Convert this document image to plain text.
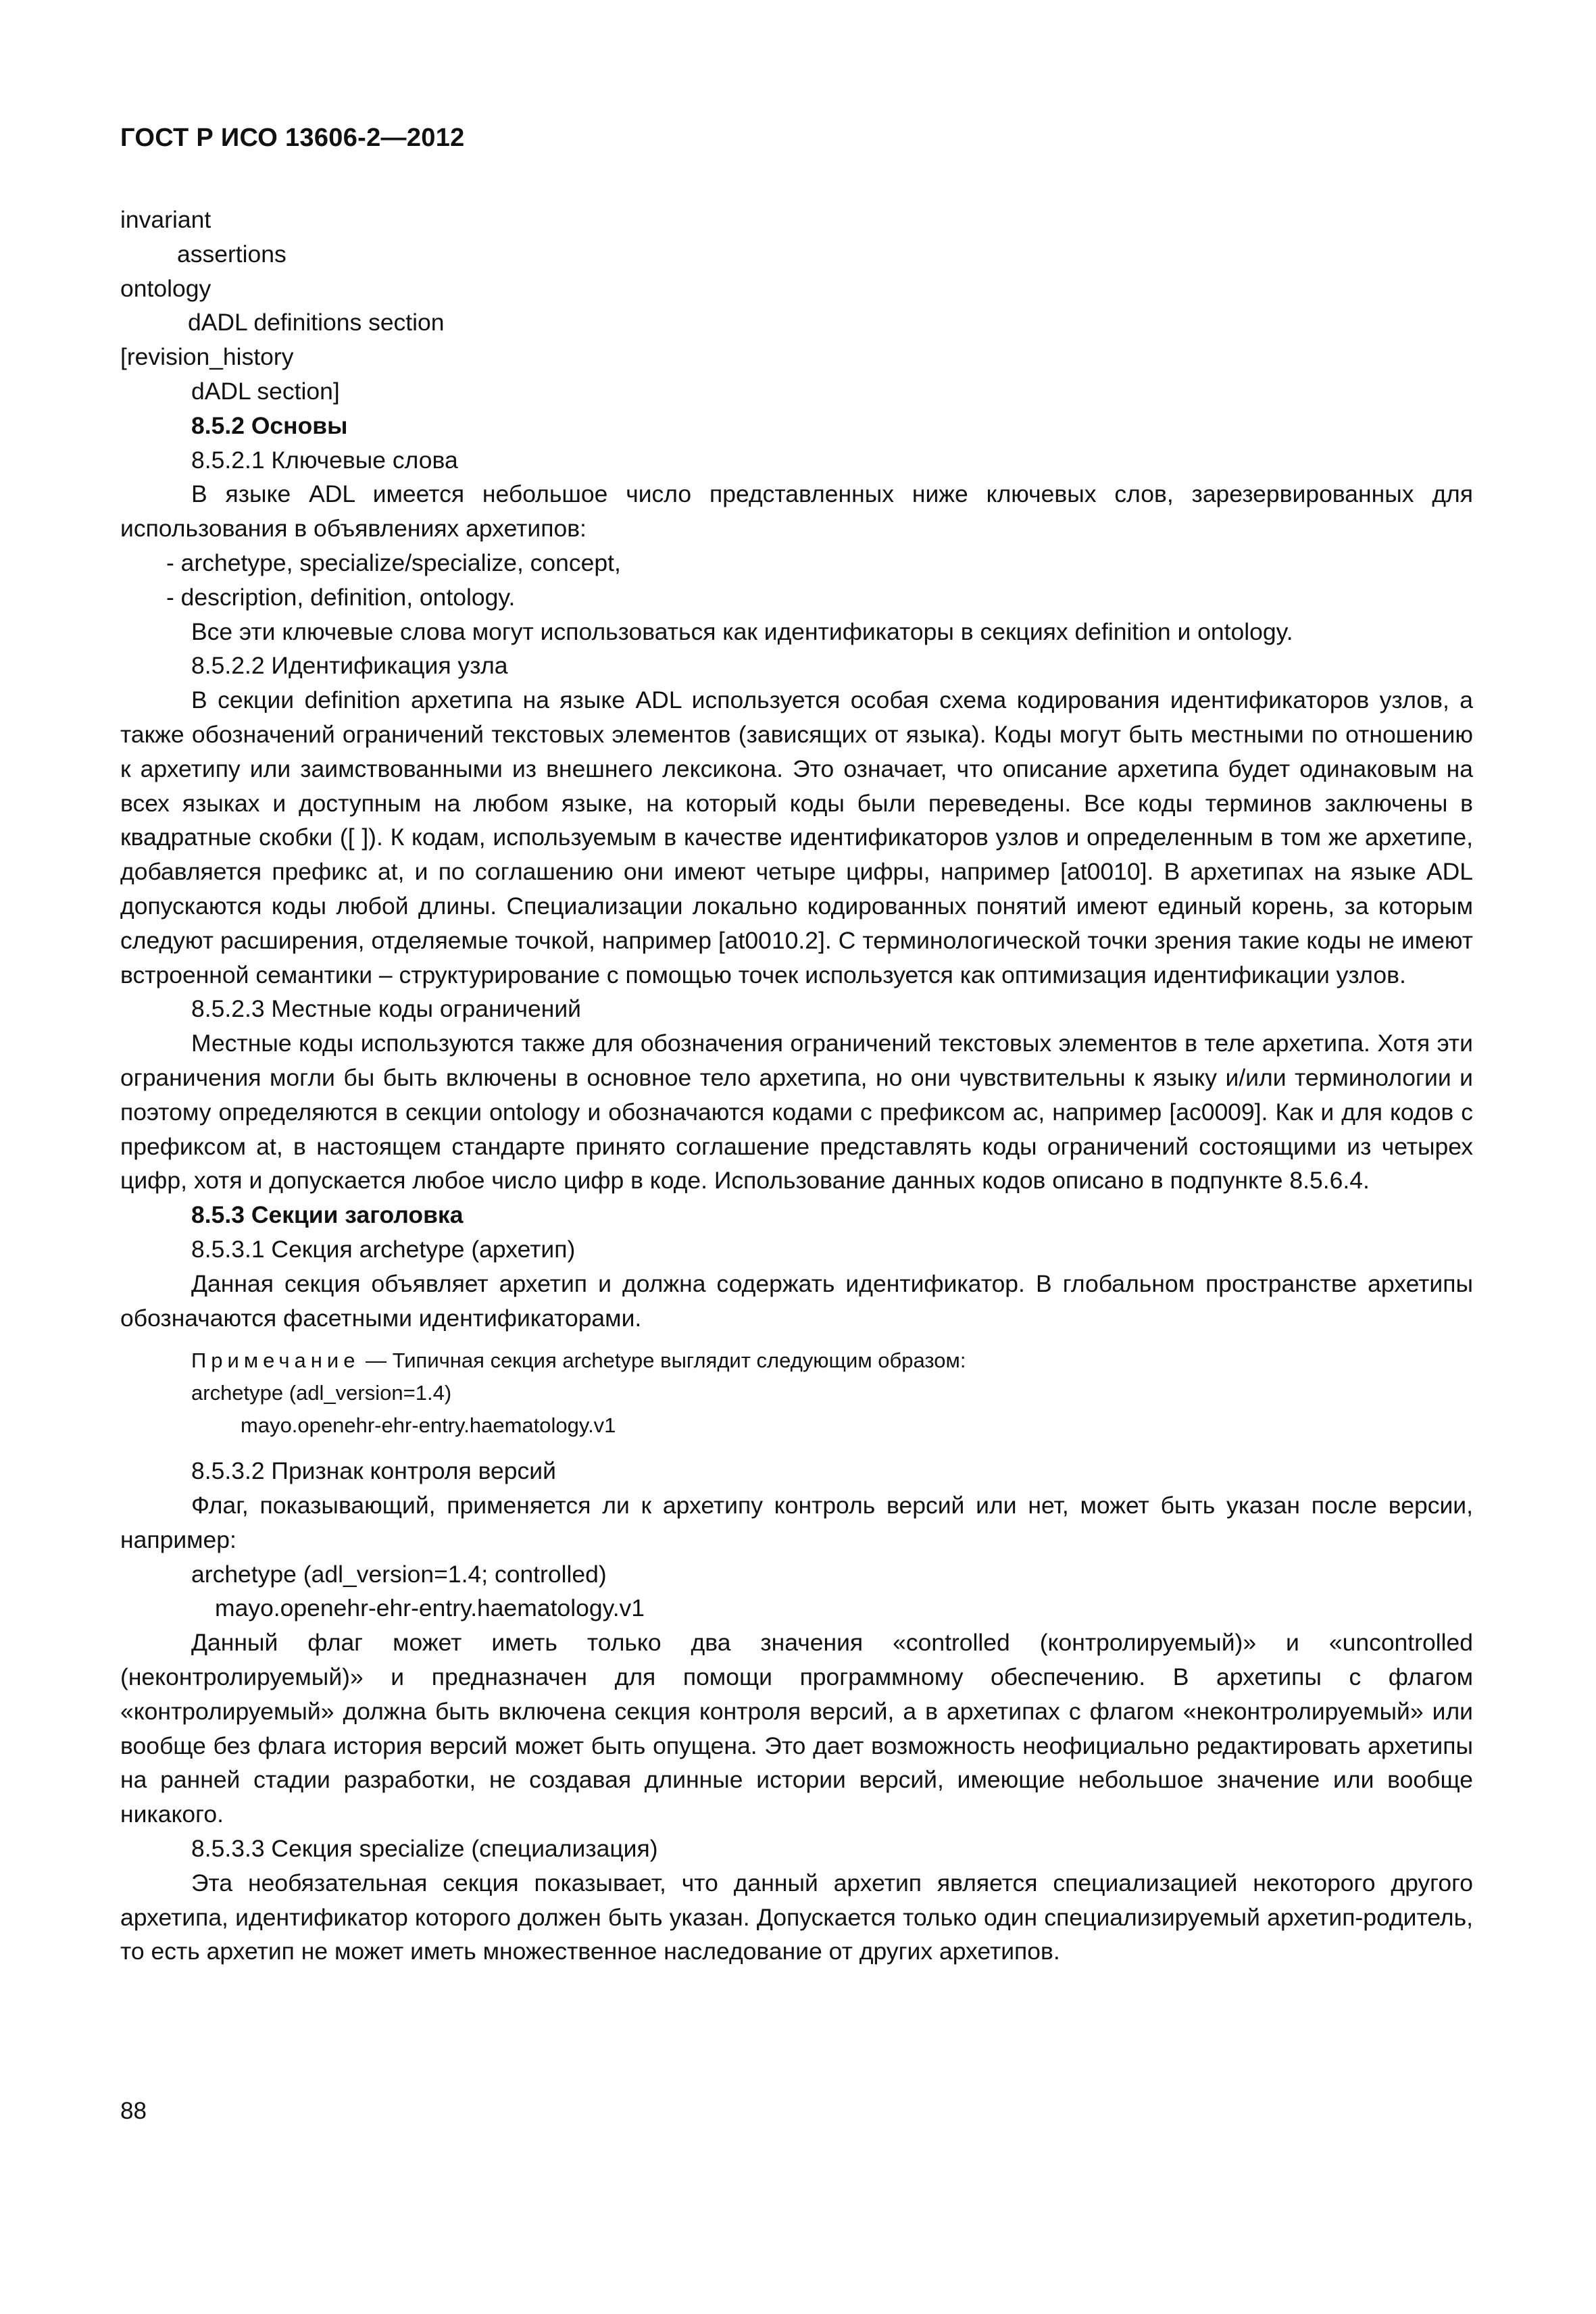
ГОСТ Р ИСО 13606-2—2012

invariant

assertions

ontology

dADL definitions section

[revision_history

dADL section]

8.5.2 Основы

8.5.2.1 Ключевые слова

В языке ADL имеется небольшое число представленных ниже ключевых слов, зарезервированных для использования в объявлениях архетипов:

- archetype, specialize/specialize, concept,

- description, definition, ontology.

Все эти ключевые слова могут использоваться как идентификаторы в секциях definition и ontology.

8.5.2.2 Идентификация узла

В секции definition архетипа на языке ADL используется особая схема кодирования идентификаторов узлов, а также обозначений ограничений текстовых элементов (зависящих от языка). Коды могут быть местными по отношению к архетипу или заимствованными из внешнего лексикона. Это означает, что описание архетипа будет одинаковым на всех языках и доступным на любом языке, на который коды были переведены. Все коды терминов заключены в квадратные скобки ([ ]). К кодам, используемым в качестве идентификаторов узлов и определенным в том же архетипе, добавляется префикс at, и по соглашению они имеют четыре цифры, например [at0010]. В архетипах на языке ADL допускаются коды любой длины. Специализации локально кодированных понятий имеют единый корень, за которым следуют расширения, отделяемые точкой, например [at0010.2]. С терминологической точки зрения такие коды не имеют встроенной семантики – структурирование с помощью точек используется как оптимизация идентификации узлов.

8.5.2.3 Местные коды ограничений

Местные коды используются также для обозначения ограничений текстовых элементов в теле архетипа. Хотя эти ограничения могли бы быть включены в основное тело архетипа, но они чувствительны к языку и/или терминологии и поэтому определяются в секции ontology и обозначаются кодами с префиксом ac, например [ac0009]. Как и для кодов с префиксом at, в настоящем стандарте принято соглашение представлять коды ограничений состоящими из четырех цифр, хотя и допускается любое число цифр в коде. Использование данных кодов описано в подпункте 8.5.6.4.

8.5.3 Секции заголовка

8.5.3.1 Секция archetype (архетип)

Данная секция объявляет архетип и должна содержать идентификатор. В глобальном пространстве архетипы обозначаются фасетными идентификаторами.

Примечание — Типичная секция archetype выглядит следующим образом:

archetype (adl_version=1.4)

mayo.openehr-ehr-entry.haematology.v1

8.5.3.2 Признак контроля версий

Флаг, показывающий, применяется ли к архетипу контроль версий или нет, может быть указан после версии, например:

archetype (adl_version=1.4; controlled)

mayo.openehr-ehr-entry.haematology.v1

Данный флаг может иметь только два значения «controlled (контролируемый)» и «uncontrolled (неконтролируемый)» и предназначен для помощи программному обеспечению. В архетипы с флагом «контролируемый» должна быть включена секция контроля версий, а в архетипах с флагом «неконтролируемый» или вообще без флага история версий может быть опущена. Это дает возможность неофициально редактировать архетипы на ранней стадии разработки, не создавая длинные истории версий, имеющие небольшое значение или вообще никакого.

8.5.3.3 Секция specialize (специализация)

Эта необязательная секция показывает, что данный архетип является специализацией некоторого другого архетипа, идентификатор которого должен быть указан. Допускается только один специализируемый архетип-родитель, то есть архетип не может иметь множественное наследование от других архетипов.

88
